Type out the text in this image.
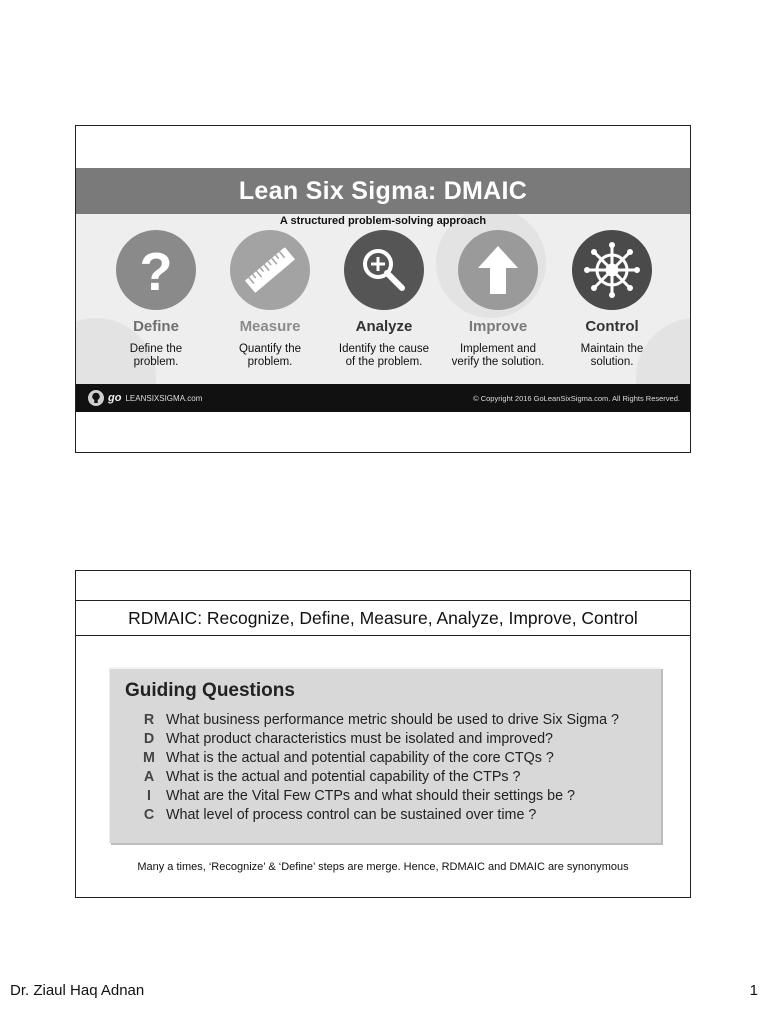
Lean Six Sigma: DMAIC
A structured problem-solving approach
?
Define
Define the
problem.
Measure
Quantify the
problem.
Analyze
Identify the cause
of the problem.
Improve
Implement and
verify the solution.
Control
Maintain the
solution.
go LEANSIXSIGMA.com	© Copyright 2016 GoLeanSixSigma.com. All Rights Reserved.
RDMAIC: Recognize, Define, Measure, Analyze, Improve, Control
Guiding Questions
R What business performance metric should be used to drive Six Sigma ?
D What product characteristics must be isolated and improved?
M What is the actual and potential capability of the core CTQs ?
A What is the actual and potential capability of the CTPs ?
I	What are the Vital Few CTPs and what should their settings be ?
C What level of process control can be sustained over time ?
Many a times, ‘Recognize’ & ‘Define’ steps are merge. Hence, RDMAIC and DMAIC are synonymous
Dr. Ziaul Haq Adnan	1
